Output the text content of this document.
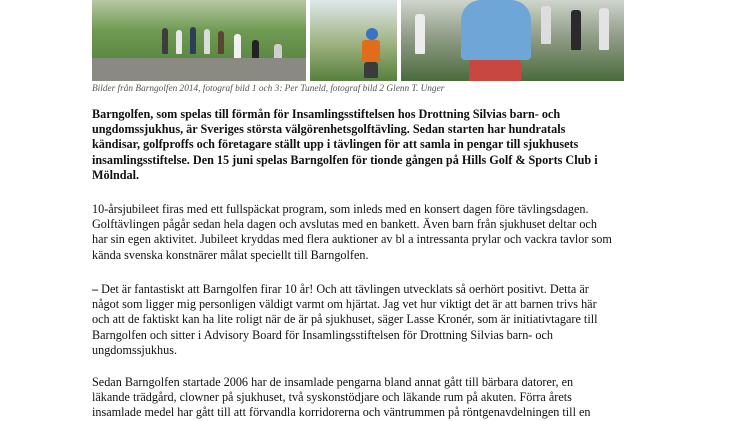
Bilder från Barngolfen 2014, fotograf bild 1 och 3: Per Tuneld, fotograf bild 2 Glenn T. Unger

Barngolfen, som spelas till förmån för Insamlingsstiftelsen hos Drottning Silvias barn- och
ungdomssjukhus, är Sveriges största välgörenhetsgolftävling. Sedan starten har hundratals
kändisar, golfproffs och företagare ställt upp i tävlingen för att samla in pengar till sjukhusets
insamlingsstiftelse. Den 15 juni spelas Barngolfen för tionde gången på Hills Golf & Sports Club i
Mölndal.

10-årsjubileet firas med ett fullspäckat program, som inleds med en konsert dagen före tävlingsdagen.
Golftävlingen pågår sedan hela dagen och avslutas med en bankett. Även barn från sjukhuset deltar och
har sin egen aktivitet. Jubileet kryddas med flera auktioner av bl a intressanta prylar och vackra tavlor som
kända svenska konstnärer målat speciellt till Barngolfen.

– Det är fantastiskt att Barngolfen firar 10 år! Och att tävlingen utvecklats så oerhört positivt. Detta är
något som ligger mig personligen väldigt varmt om hjärtat. Jag vet hur viktigt det är att barnen trivs här
och att de faktiskt kan ha lite roligt när de är på sjukhuset, säger Lasse Kronér, som är initiativtagare till
Barngolfen och sitter i Advisory Board för Insamlingsstiftelsen för Drottning Silvias barn- och
ungdomssjukhus.

Sedan Barngolfen startade 2006 har de insamlade pengarna bland annat gått till bärbara datorer, en
läkande trädgård, clowner på sjukhuset, två syskonstödjare och läkande rum på akuten. Förra årets
insamlade medel har gått till att förvandla korridorerna och väntrummen på röntgenavdelningen till en
